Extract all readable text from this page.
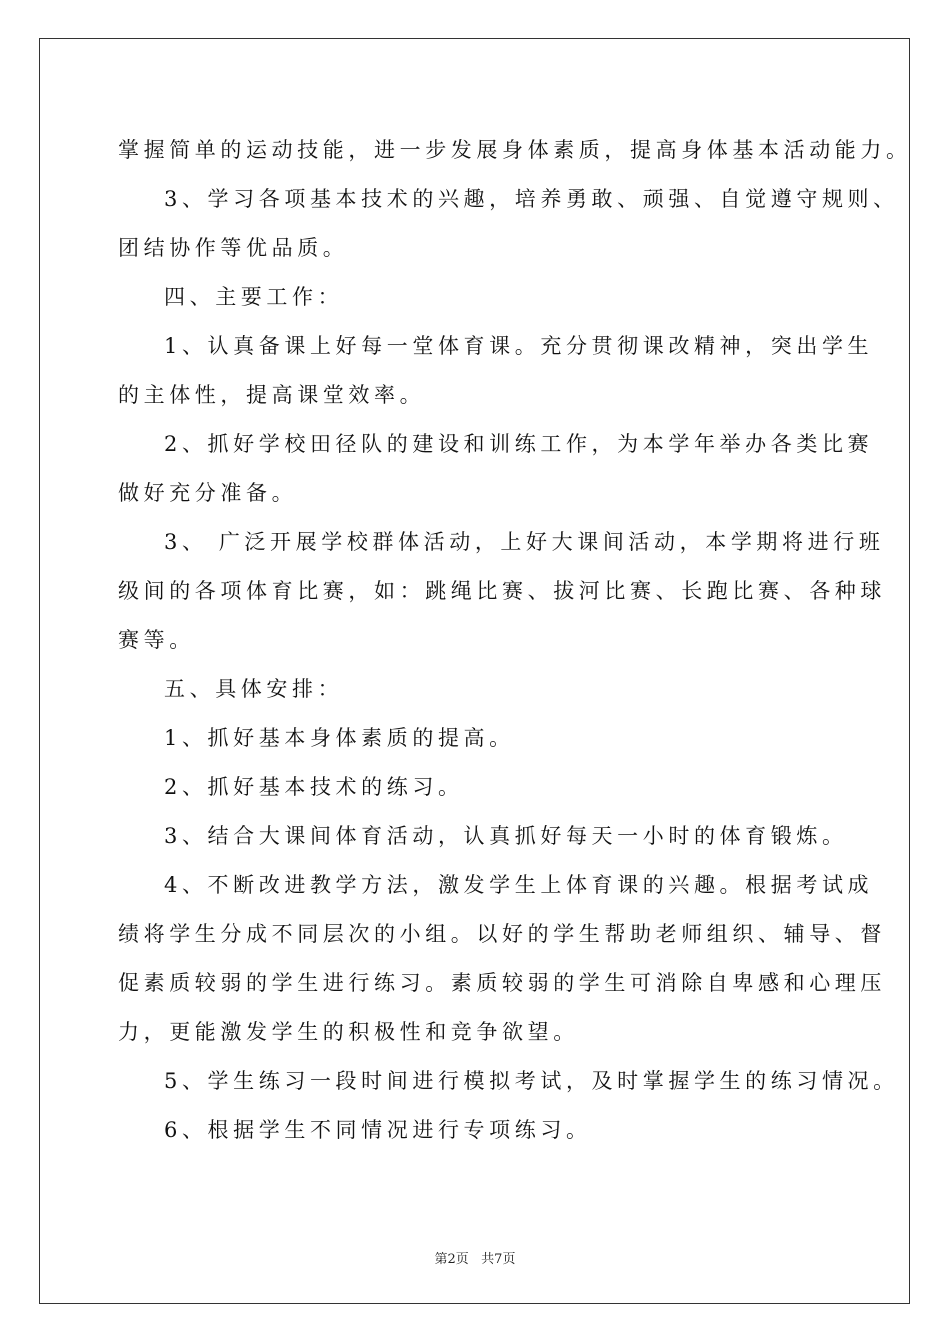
掌握简单的运动技能，进一步发展身体素质，提高身体基本活动能力。
3、学习各项基本技术的兴趣，培养勇敢、顽强、自觉遵守规则、
团结协作等优品质。
四、主要工作：
1、认真备课上好每一堂体育课。充分贯彻课改精神，突出学生
的主体性，提高课堂效率。
2、抓好学校田径队的建设和训练工作，为本学年举办各类比赛
做好充分准备。
3、 广泛开展学校群体活动，上好大课间活动，本学期将进行班
级间的各项体育比赛，如：跳绳比赛、拔河比赛、长跑比赛、各种球
赛等。
五、具体安排：
1、抓好基本身体素质的提高。
2、抓好基本技术的练习。
3、结合大课间体育活动，认真抓好每天一小时的体育锻炼。
4、不断改进教学方法，激发学生上体育课的兴趣。根据考试成
绩将学生分成不同层次的小组。以好的学生帮助老师组织、辅导、督
促素质较弱的学生进行练习。素质较弱的学生可消除自卑感和心理压
力，更能激发学生的积极性和竞争欲望。
5、学生练习一段时间进行模拟考试，及时掌握学生的练习情况。
6、根据学生不同情况进行专项练习。
第2页   共7页
